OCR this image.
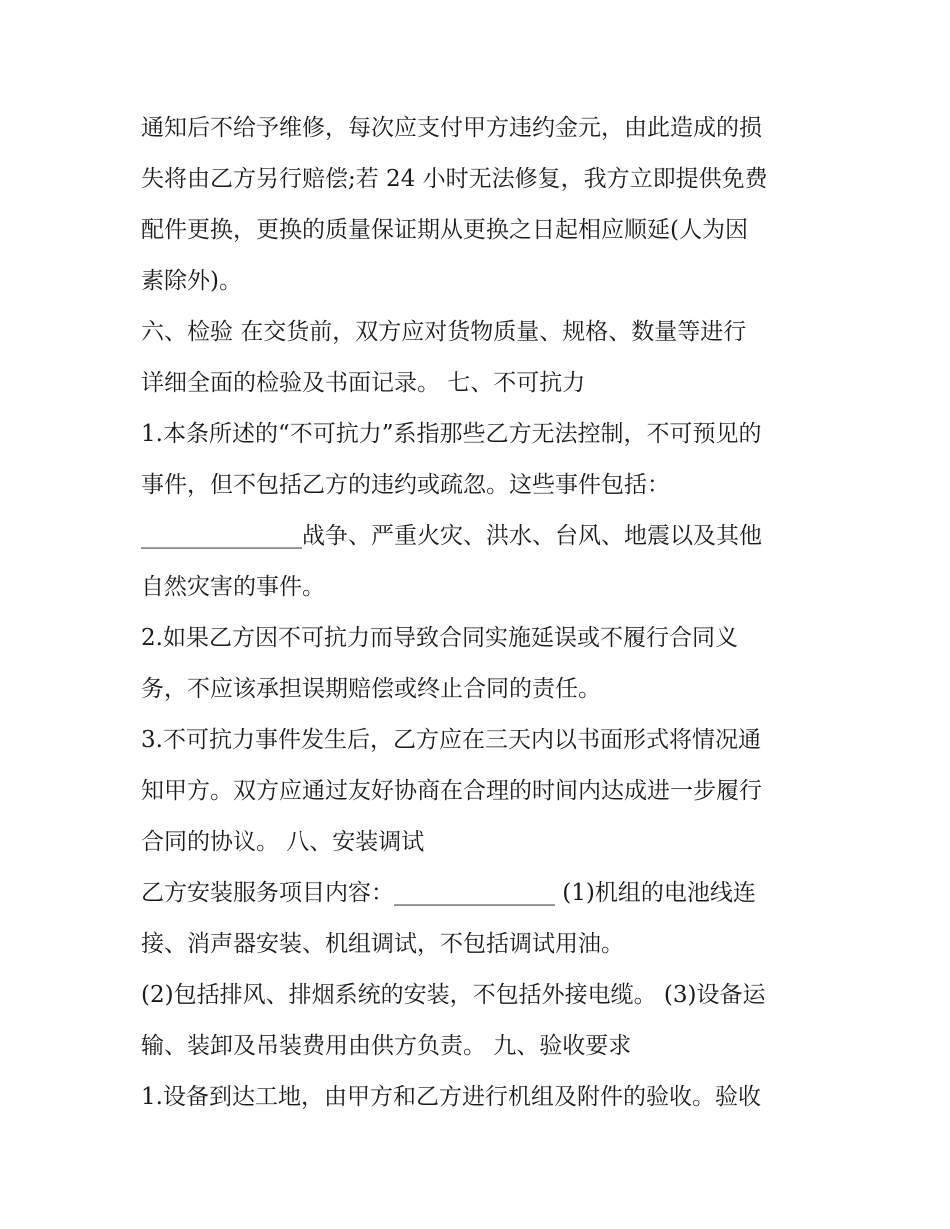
通知后不给予维修，每次应支付甲方违约金元，由此造成的损
失将由乙方另行赔偿;若 24 小时无法修复，我方立即提供免费
配件更换，更换的质量保证期从更换之日起相应顺延(人为因
素除外)。
六、检验 在交货前，双方应对货物质量、规格、数量等进行
详细全面的检验及书面记录。 七、不可抗力
1.本条所述的“不可抗力”系指那些乙方无法控制，不可预见的
事件，但不包括乙方的违约或疏忽。这些事件包括：
______________战争、严重火灾、洪水、台风、地震以及其他
自然灾害的事件。
2.如果乙方因不可抗力而导致合同实施延误或不履行合同义
务，不应该承担误期赔偿或终止合同的责任。
3.不可抗力事件发生后，乙方应在三天内以书面形式将情况通
知甲方。双方应通过友好协商在合理的时间内达成进一步履行
合同的协议。 八、安装调试
乙方安装服务项目内容：______________ (1)机组的电池线连
接、消声器安装、机组调试，不包括调试用油。
(2)包括排风、排烟系统的安装，不包括外接电缆。 (3)设备运
输、装卸及吊装费用由供方负责。 九、验收要求
1.设备到达工地，由甲方和乙方进行机组及附件的验收。验收
